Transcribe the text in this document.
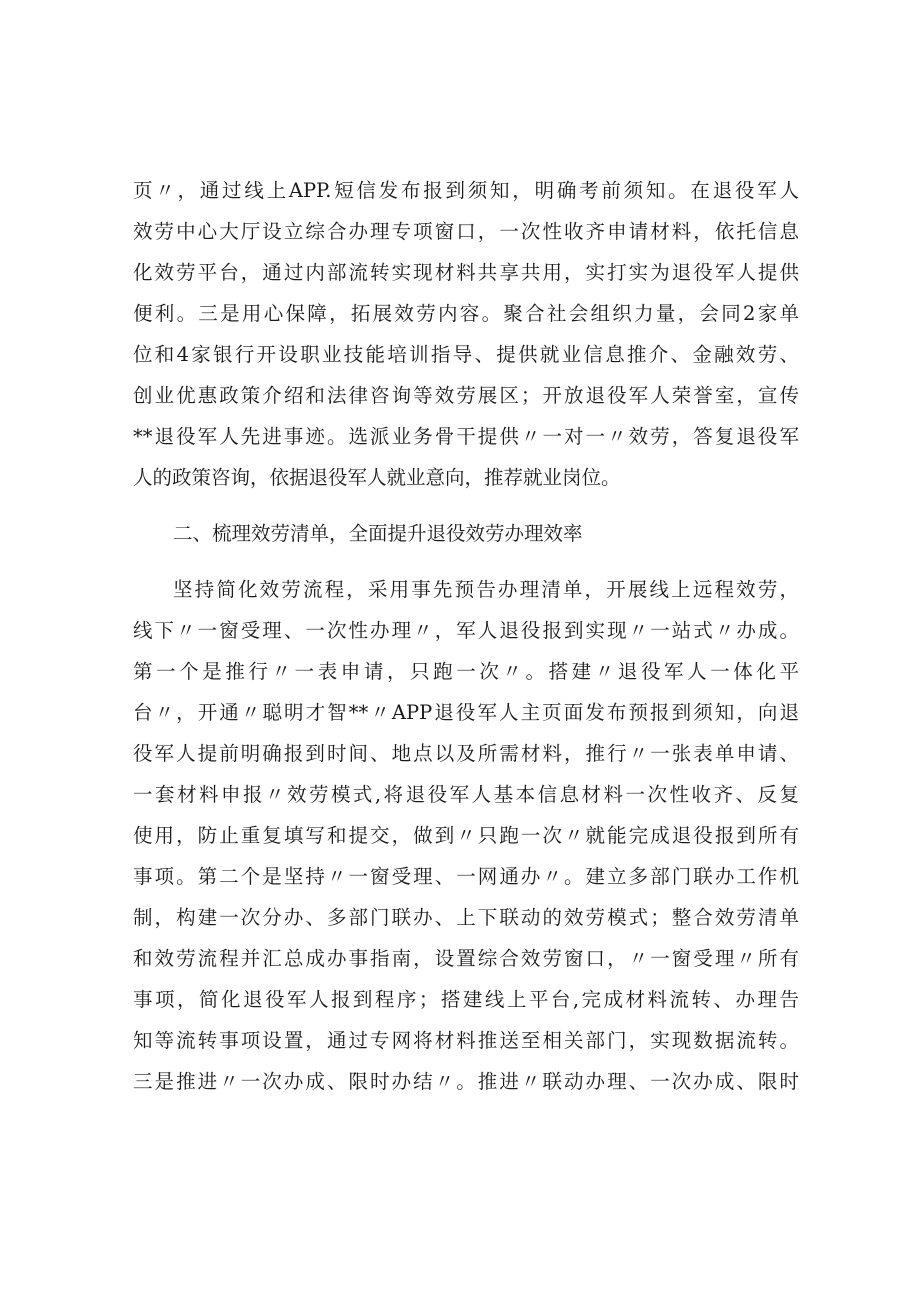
页〃，通过线上APP.短信发布报到须知，明确考前须知。在退役军人
效劳中心大厅设立综合办理专项窗口，一次性收齐申请材料，依托信息
化效劳平台，通过内部流转实现材料共享共用，实打实为退役军人提供
便利。三是用心保障，拓展效劳内容。聚合社会组织力量，会同2家单
位和4家银行开设职业技能培训指导、提供就业信息推介、金融效劳、
创业优惠政策介绍和法律咨询等效劳展区；开放退役军人荣誉室，宣传
**退役军人先进事迹。选派业务骨干提供〃一对一〃效劳，答复退役军
人的政策咨询，依据退役军人就业意向，推荐就业岗位。
二、梳理效劳清单，全面提升退役效劳办理效率
坚持简化效劳流程，采用事先预告办理清单，开展线上远程效劳，
线下〃一窗受理、一次性办理〃，军人退役报到实现〃一站式〃办成。
第一个是推行〃一表申请，只跑一次〃。搭建〃退役军人一体化平
台〃，开通〃聪明才智**〃APP退役军人主页面发布预报到须知，向退
役军人提前明确报到时间、地点以及所需材料，推行〃一张表单申请、
一套材料申报〃效劳模式,将退役军人基本信息材料一次性收齐、反复
使用，防止重复填写和提交，做到〃只跑一次〃就能完成退役报到所有
事项。第二个是坚持〃一窗受理、一网通办〃。建立多部门联办工作机
制，构建一次分办、多部门联办、上下联动的效劳模式；整合效劳清单
和效劳流程并汇总成办事指南，设置综合效劳窗口，〃一窗受理〃所有
事项，简化退役军人报到程序；搭建线上平台,完成材料流转、办理告
知等流转事项设置，通过专网将材料推送至相关部门，实现数据流转。
三是推进〃一次办成、限时办结〃。推进〃联动办理、一次办成、限时
